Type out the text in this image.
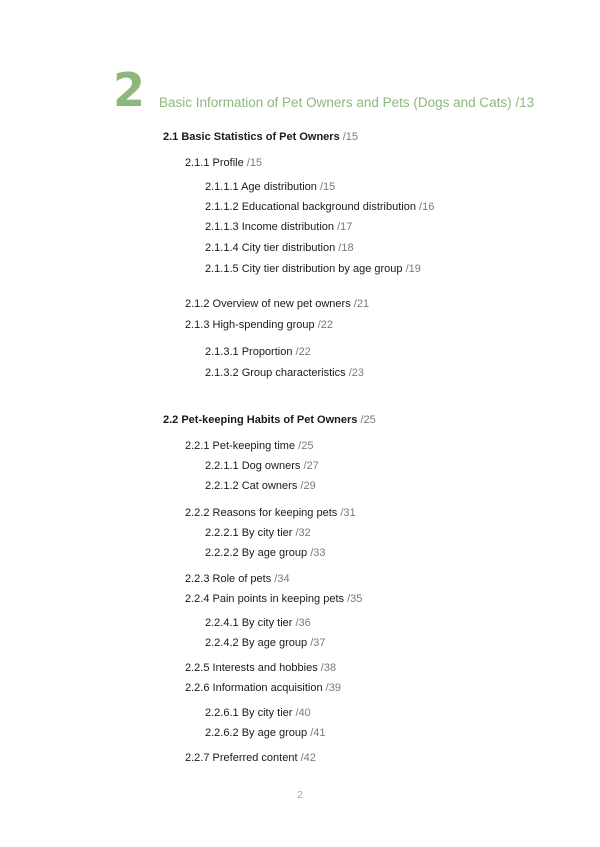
2 Basic Information of Pet Owners and Pets (Dogs and Cats) /13
2.1 Basic Statistics of Pet Owners /15
2.1.1 Profile /15
2.1.1.1 Age distribution /15
2.1.1.2 Educational background distribution /16
2.1.1.3 Income distribution /17
2.1.1.4 City tier distribution /18
2.1.1.5 City tier distribution by age group /19
2.1.2 Overview of new pet owners /21
2.1.3 High-spending group /22
2.1.3.1 Proportion /22
2.1.3.2 Group characteristics /23
2.2 Pet-keeping Habits of Pet Owners /25
2.2.1 Pet-keeping time /25
2.2.1.1 Dog owners /27
2.2.1.2 Cat owners /29
2.2.2 Reasons for keeping pets /31
2.2.2.1 By city tier /32
2.2.2.2 By age group /33
2.2.3 Role of pets /34
2.2.4 Pain points in keeping pets /35
2.2.4.1 By city tier /36
2.2.4.2 By age group /37
2.2.5 Interests and hobbies /38
2.2.6 Information acquisition /39
2.2.6.1 By city tier /40
2.2.6.2 By age group /41
2.2.7 Preferred content /42
2
